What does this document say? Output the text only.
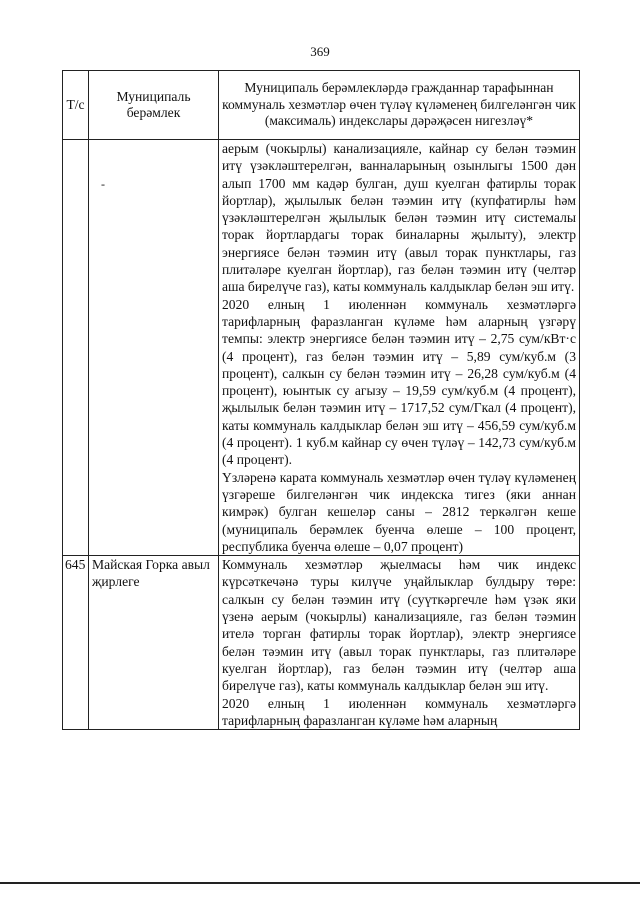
369
Т/с	Муниципаль берәмлек	Муниципаль берәмлекләрдә гражданнар тарафыннан коммуналь хезмәтләр өчен түләү күләменең билгеләнгән чик (максималь) индекслары дәрәҗәсен нигезләү*

	-	аерым (чокырлы) канализацияле, кайнар су белән тәэмин итү үзәкләштерелгән, ванналарының озынлыгы 1500 дән алып 1700 мм кадәр булган, душ куелган фатирлы торак йортлар), җылылык белән тәэмин итү (купфатирлы һәм үзәкләштерелгән җылылык белән тәэмин итү системалы торак йортлардагы торак биналарны җылыту), электр энергиясе белән тәэмин итү (авыл торак пунктлары, газ плитәләре куелган йортлар), газ белән тәэмин итү (челтәр аша бирелүче газ), каты коммуналь калдыклар белән эш итү.

2020 елның 1 июленнән коммуналь хезмәтләргә тарифларның фаразланган күләме һәм аларның үзгәрү темпы: электр энергиясе белән тәэмин итү – 2,75 сум/кВт·с (4 процент), газ белән тәэмин итү – 5,89 сум/куб.м (3 процент), салкын су белән тәэмин итү – 26,28 сум/куб.м (4 процент), юынтык су агызу – 19,59 сум/куб.м (4 процент), җылылык белән тәэмин итү – 1717,52 сум/Гкал (4 процент), каты коммуналь калдыклар белән эш итү – 456,59 сум/куб.м (4 процент). 1 куб.м кайнар су өчен түләү – 142,73 сум/куб.м (4 процент).

Үзләренә карата коммуналь хезмәтләр өчен түләү күләменең үзгәреше билгеләнгән чик индекска тигез (яки аннан кимрәк) булган кешеләр саны – 2812 теркәлгән кеше (муниципаль берәмлек буенча өлеше – 100 процент, республика буенча өлеше – 0,07 процент)

645	Майская Горка авыл җирлеге	Коммуналь хезмәтләр җыелмасы һәм чик индекс күрсәткечәнә туры килүче уңайлыклар булдыру төре: салкын су белән тәэмин итү (суүткәргечле һәм үзәк яки үзенә аерым (чокырлы) канализацияле, газ белән тәэмин ителә торган фатирлы торак йортлар), электр энергиясе белән тәэмин итү (авыл торак пунктлары, газ плитәләре куелган йортлар), газ белән тәэмин итү (челтәр аша бирелүче газ), каты коммуналь калдыклар белән эш итү.

2020 елның 1 июленнән коммуналь хезмәтләргә тарифларның фаразланган күләме һәм аларның
